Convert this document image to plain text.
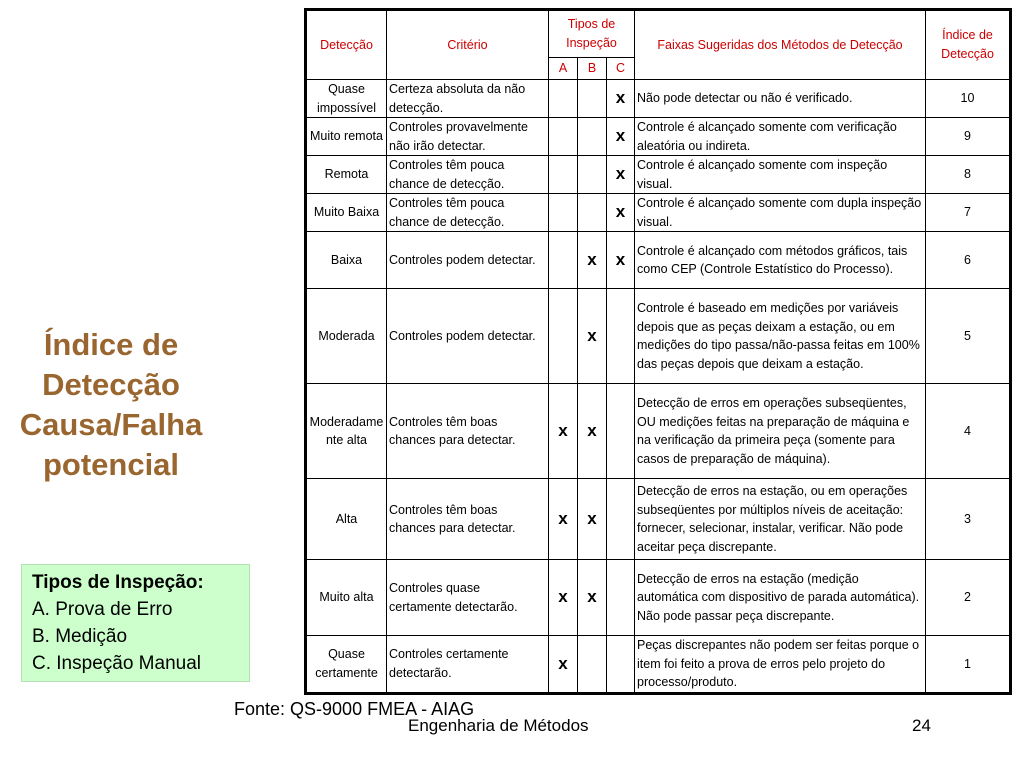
Índice de
Detecção
Causa/Falha
potencial
Tipos de Inspeção:
A. Prova de Erro
B. Medição
C. Inspeção Manual
Detecção	Critério	Tipos de Inspeção			Faixas Sugeridas dos Métodos de Detecção	Índice de Detecção
		A	B	C		
Quase impossível	Certeza absoluta da não detecção.			x	Não pode detectar ou não é verificado.	10
Muito remota	Controles provavelmente não irão detectar.			x	Controle é alcançado somente com verificação aleatória ou indireta.	9
Remota	Controles têm pouca chance de detecção.			x	Controle é alcançado somente com inspeção visual.	8
Muito Baixa	Controles têm pouca chance de detecção.			x	Controle é alcançado somente com dupla inspeção visual.	7
Baixa	Controles podem detectar.		x	x	Controle é alcançado com métodos gráficos, tais como CEP (Controle Estatístico do Processo).	6
Moderada	Controles podem detectar.		x		Controle é baseado em medições por variáveis depois que as peças deixam a estação, ou em medições do tipo passa/não-passa feitas em 100% das peças depois que deixam a estação.	5
Moderadamente alta	Controles têm boas chances para detectar.	x	x		Detecção de erros em operações subseqüentes, OU medições feitas na preparação de máquina e na verificação da primeira peça (somente para casos de preparação de máquina).	4
Alta	Controles têm boas chances para detectar.	x	x		Detecção de erros na estação, ou em operações subseqüentes por múltiplos níveis de aceitação: fornecer, selecionar, instalar, verificar. Não pode aceitar peça discrepante.	3
Muito alta	Controles quase certamente detectarão.	x	x		Detecção de erros na estação (medição automática com dispositivo de parada automática). Não pode passar peça discrepante.	2
Quase certamente	Controles certamente detectarão.	x			Peças discrepantes não podem ser feitas porque o item foi feito a prova de erros pelo projeto do processo/produto.	1
Fonte: QS-9000 FMEA - AIAG
Engenharia de Métodos	24
